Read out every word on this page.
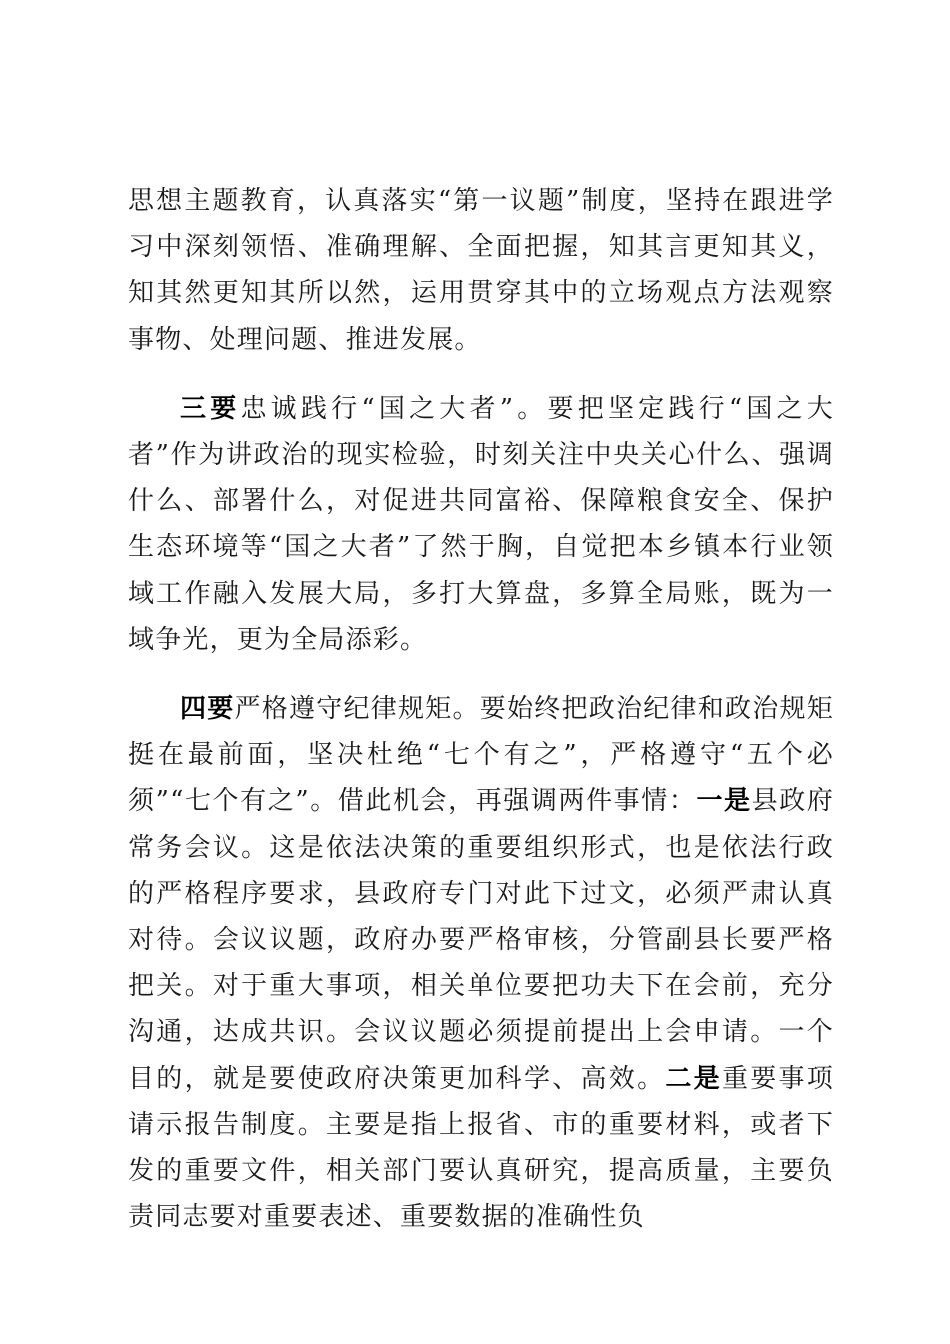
思想主题教育，认真落实“第一议题”制度，坚持在跟进学习中深刻领悟、准确理解、全面把握，知其言更知其义，知其然更知其所以然，运用贯穿其中的立场观点方法观察事物、处理问题、推进发展。

三要忠诚践行“国之大者”。要把坚定践行“国之大者”作为讲政治的现实检验，时刻关注中央关心什么、强调什么、部署什么，对促进共同富裕、保障粮食安全、保护生态环境等“国之大者”了然于胸，自觉把本乡镇本行业领域工作融入发展大局，多打大算盘，多算全局账，既为一域争光，更为全局添彩。

四要严格遵守纪律规矩。要始终把政治纪律和政治规矩挺在最前面，坚决杜绝“七个有之”，严格遵守“五个必须”“七个有之”。借此机会，再强调两件事情：一是县政府常务会议。这是依法决策的重要组织形式，也是依法行政的严格程序要求，县政府专门对此下过文，必须严肃认真对待。会议议题，政府办要严格审核，分管副县长要严格把关。对于重大事项，相关单位要把功夫下在会前，充分沟通，达成共识。会议议题必须提前提出上会申请。一个目的，就是要使政府决策更加科学、高效。二是重要事项请示报告制度。主要是指上报省、市的重要材料，或者下发的重要文件，相关部门要认真研究，提高质量，主要负责同志要对重要表述、重要数据的准确性负
